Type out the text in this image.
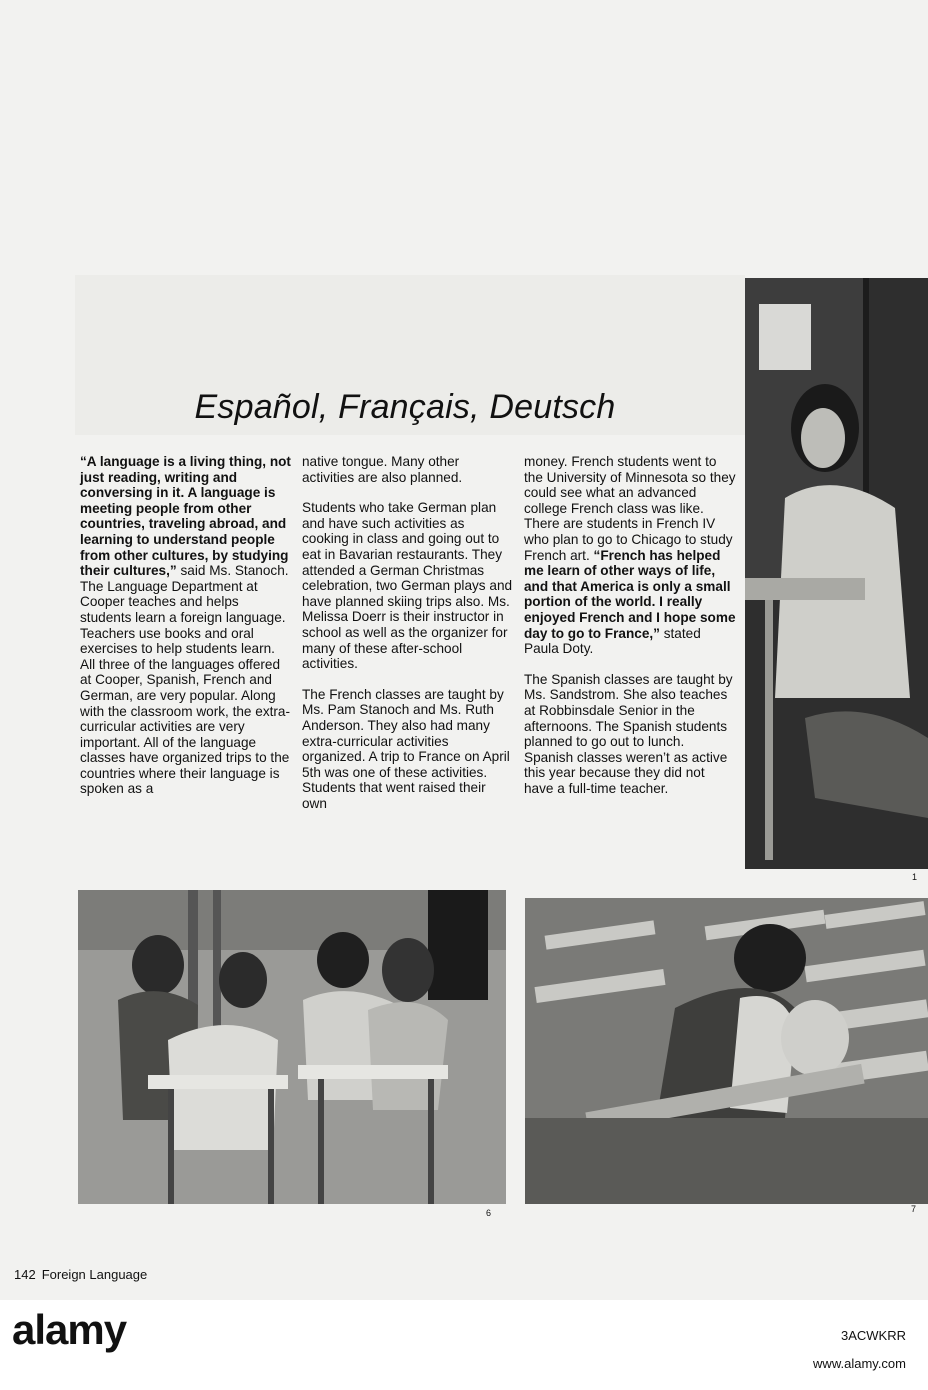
Español, Français, Deutsch

“A language is a living thing, not just reading, writing and conversing in it. A language is meeting people from other countries, traveling abroad, and learning to understand people from other cultures, by studying their cultures,” said Ms. Stanoch. The Language Department at Cooper teaches and helps students learn a foreign language. Teachers use books and oral exercises to help students learn. All three of the languages offered at Cooper, Spanish, French and German, are very popular. Along with the classroom work, the extra-curricular activities are very important. All of the language classes have organized trips to the countries where their language is spoken as a

native tongue. Many other activities are also planned.

Students who take German plan and have such activities as cooking in class and going out to eat in Bavarian restaurants. They attended a German Christmas celebration, two German plays and have planned skiing trips also. Ms. Melissa Doerr is their instructor in school as well as the organizer for many of these after-school activities.

The French classes are taught by Ms. Pam Stanoch and Ms. Ruth Anderson. They also had many extra-curricular activities organized. A trip to France on April 5th was one of these activities. Students that went raised their own

money. French students went to the University of Minnesota so they could see what an advanced college French class was like. There are students in French IV who plan to go to Chicago to study French art. “French has helped me learn of other ways of life, and that America is only a small portion of the world. I really enjoyed French and I hope some day to go to France,” stated Paula Doty.

The Spanish classes are taught by Ms. Sandstrom. She also teaches at Robbinsdale Senior in the afternoons. The Spanish students planned to go out to lunch. Spanish classes weren’t as active this year because they did not have a full-time teacher.

1
6	7
142 Foreign Language
alamy	3ACWKRR
www.alamy.com
